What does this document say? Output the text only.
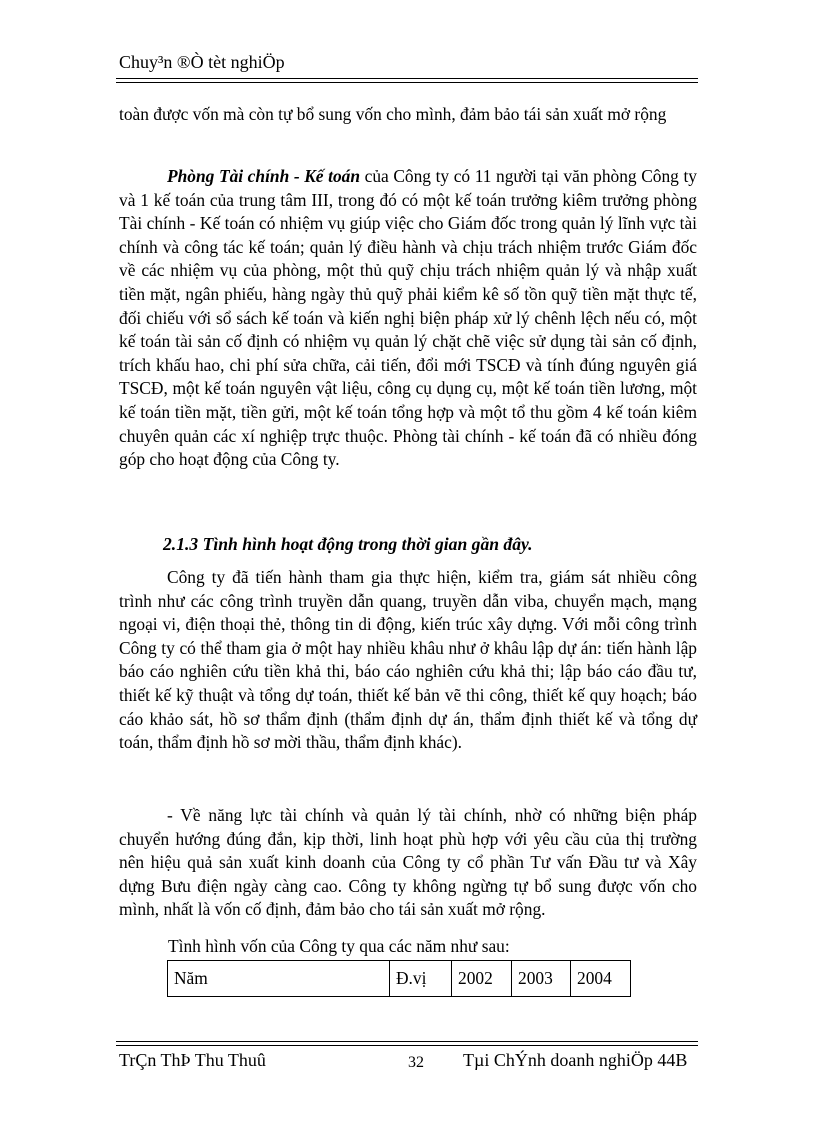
Chuy³n ®Ò tèt nghiÖp

toàn được vốn mà còn tự bổ sung vốn cho mình, đảm bảo tái sản xuất mở rộng

Phòng Tài chính - Kế toán của Công ty có 11 người tại văn phòng Công ty và 1 kế toán của trung tâm III, trong đó có một kế toán trưởng kiêm trưởng phòng Tài chính - Kế toán có nhiệm vụ giúp việc cho Giám đốc trong quản lý lĩnh vực tài chính và công tác kế toán; quản lý điều hành và chịu trách nhiệm trước Giám đốc về các nhiệm vụ của phòng, một thủ quỹ chịu trách nhiệm quản lý và nhập xuất tiền mặt, ngân phiếu, hàng ngày thủ quỹ phải kiểm kê số tồn quỹ tiền mặt thực tế, đối chiếu với sổ sách kế toán và kiến nghị biện pháp xử lý chênh lệch nếu có, một kế toán tài sản cố định có nhiệm vụ quản lý chặt chẽ việc sử dụng tài sản cố định, trích khấu hao, chi phí sửa chữa, cải tiến, đổi mới TSCĐ và tính đúng nguyên giá TSCĐ, một kế toán nguyên vật liệu, công cụ dụng cụ, một kế toán tiền lương, một kế toán tiền mặt, tiền gửi, một kế toán tổng hợp và một tổ thu gồm 4 kế toán kiêm chuyên quản các xí nghiệp trực thuộc. Phòng tài chính - kế toán đã có nhiều đóng góp cho hoạt động của Công ty.
2.1.3 Tình hình hoạt động trong thời gian gần đây.

Công ty đã tiến hành tham gia thực hiện, kiểm tra, giám sát nhiều công trình như các công trình truyền dẫn quang, truyền dẫn viba, chuyển mạch, mạng ngoại vi, điện thoại thẻ, thông tin di động, kiến trúc xây dựng. Với mỗi công trình Công ty có thể tham gia ở một hay nhiều khâu như ở khâu lập dự án: tiến hành lập báo cáo nghiên cứu tiền khả thi, báo cáo nghiên cứu khả thi; lập báo cáo đầu tư, thiết kế kỹ thuật và tổng dự toán, thiết kế bản vẽ thi công, thiết kế quy hoạch; báo cáo khảo sát, hồ sơ thẩm định (thẩm định dự án, thẩm định thiết kế và tổng dự toán, thẩm định hồ sơ mời thầu, thẩm định khác).

- Về năng lực tài chính và quản lý tài chính, nhờ có những biện pháp chuyển hướng đúng đắn, kịp thời, linh hoạt phù hợp với yêu cầu của thị trường nên hiệu quả sản xuất kinh doanh của Công ty cổ phần Tư vấn Đầu tư và Xây dựng Bưu điện ngày càng cao. Công ty không ngừng tự bổ sung được vốn cho mình, nhất là vốn cố định, đảm bảo cho tái sản xuất mở rộng.

Tình hình vốn của Công ty qua các năm như sau:
Năm	Đ.vị	2002	2003	2004
TrÇn ThÞ Thu Thuû	32 Tµi ChÝnh doanh nghiÖp 44B
